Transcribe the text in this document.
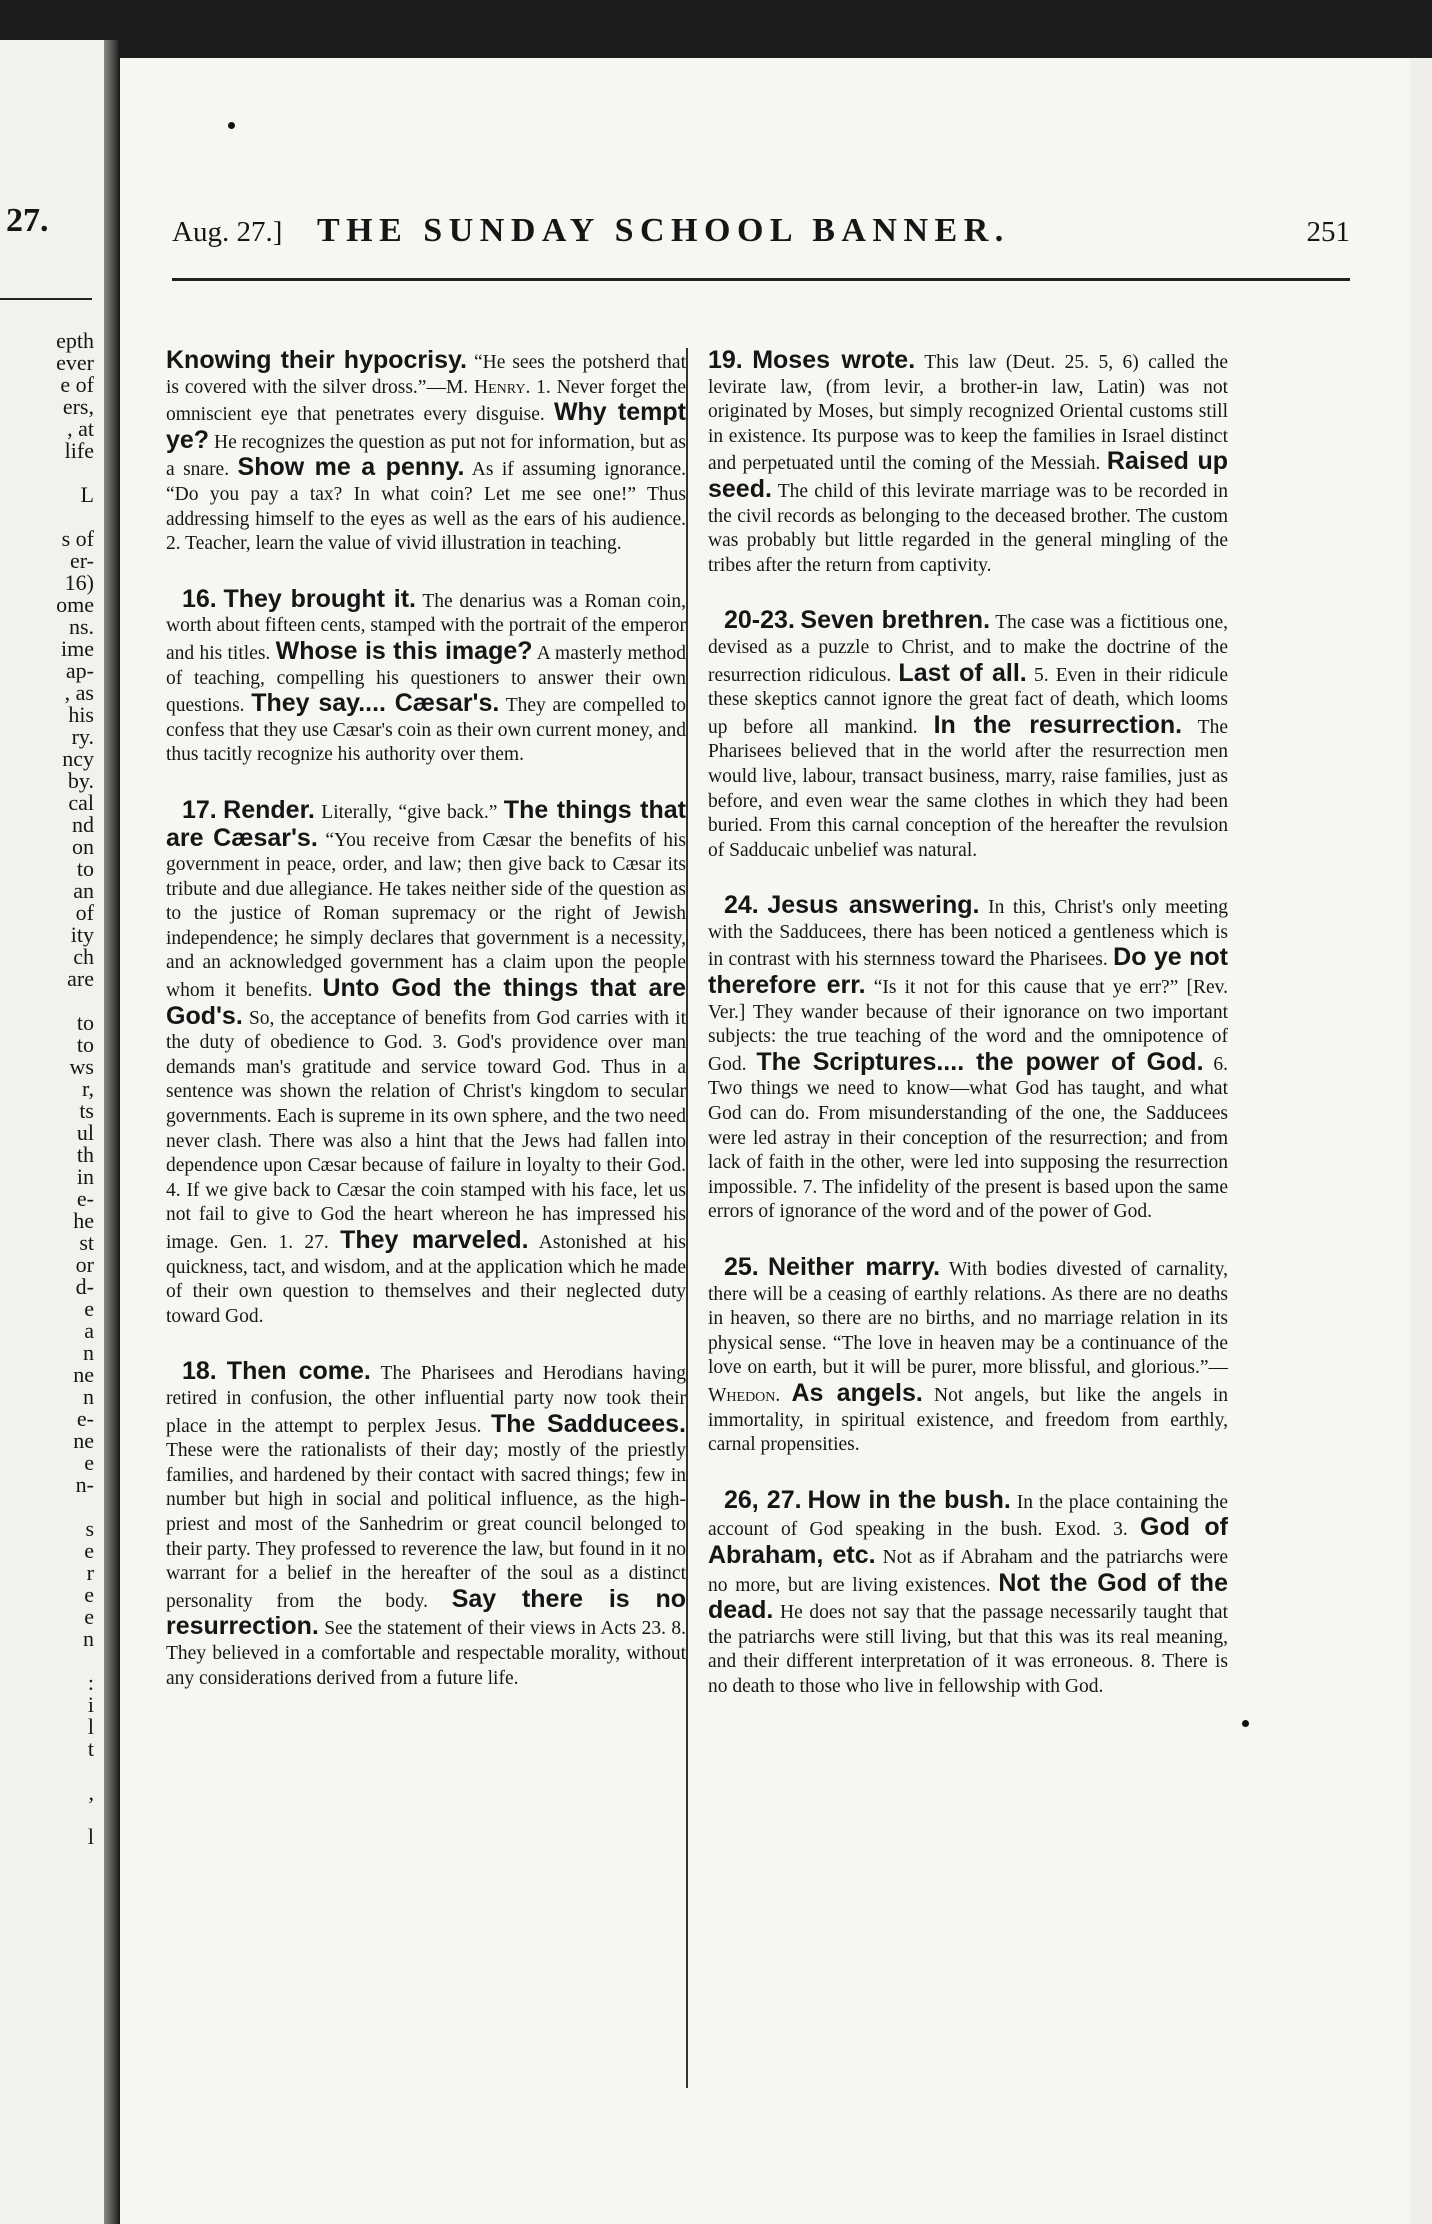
27.
epth
ever
e of
ers,
, at
life

L

s of
er-
16)
ome
ns.
ime
ap-
, as
his
ry.
ncy
by.
cal
nd
on
to
an
of
ity
ch
are

to
to
ws
r,
ts
ul
th
in
e-
he
st
or
d-
e
a
n
ne
n
e-
ne
e
n-

s
e
r
e
e
n

:
i
l
t

,

l
Aug. 27.] THE SUNDAY SCHOOL BANNER.	251

Knowing their hypocrisy. “He sees the potsherd that is covered with the silver dross.”—M. Henry. 1. Never forget the omniscient eye that penetrates every disguise. Why tempt ye? He recognizes the question as put not for information, but as a snare. Show me a penny. As if assuming ignorance. “Do you pay a tax? In what coin? Let me see one!” Thus addressing himself to the eyes as well as the ears of his audience. 2. Teacher, learn the value of vivid illustration in teaching.

16. They brought it. The denarius was a Roman coin, worth about fifteen cents, stamped with the portrait of the emperor and his titles. Whose is this image? A masterly method of teaching, compelling his questioners to answer their own questions. They say.... Cæsar's. They are compelled to confess that they use Cæsar's coin as their own current money, and thus tacitly recognize his authority over them.

17. Render. Literally, “give back.” The things that are Cæsar's. “You receive from Cæsar the benefits of his government in peace, order, and law; then give back to Cæsar its tribute and due allegiance. He takes neither side of the question as to the justice of Roman supremacy or the right of Jewish independence; he simply declares that government is a necessity, and an acknowledged government has a claim upon the people whom it benefits. Unto God the things that are God's. So, the acceptance of benefits from God carries with it the duty of obedience to God. 3. God's providence over man demands man's gratitude and service toward God. Thus in a sentence was shown the relation of Christ's kingdom to secular governments. Each is supreme in its own sphere, and the two need never clash. There was also a hint that the Jews had fallen into dependence upon Cæsar because of failure in loyalty to their God. 4. If we give back to Cæsar the coin stamped with his face, let us not fail to give to God the heart whereon he has impressed his image. Gen. 1. 27. They marveled. Astonished at his quickness, tact, and wisdom, and at the application which he made of their own question to themselves and their neglected duty toward God.

18. Then come. The Pharisees and Herodians having retired in confusion, the other influential party now took their place in the attempt to perplex Jesus. The Sadducees. These were the rationalists of their day; mostly of the priestly families, and hardened by their contact with sacred things; few in number but high in social and political influence, as the high-priest and most of the Sanhedrim or great council belonged to their party. They professed to reverence the law, but found in it no warrant for a belief in the hereafter of the soul as a distinct personality from the body. Say there is no resurrection. See the statement of their views in Acts 23. 8. They believed in a comfortable and respectable morality, without any considerations derived from a future life.

19. Moses wrote. This law (Deut. 25. 5, 6) called the levirate law, (from levir, a brother-in law, Latin) was not originated by Moses, but simply recognized Oriental customs still in existence. Its purpose was to keep the families in Israel distinct and perpetuated until the coming of the Messiah. Raised up seed. The child of this levirate marriage was to be recorded in the civil records as belonging to the deceased brother. The custom was probably but little regarded in the general mingling of the tribes after the return from captivity.

20-23. Seven brethren. The case was a fictitious one, devised as a puzzle to Christ, and to make the doctrine of the resurrection ridiculous. Last of all. 5. Even in their ridicule these skeptics cannot ignore the great fact of death, which looms up before all mankind. In the resurrection. The Pharisees believed that in the world after the resurrection men would live, labour, transact business, marry, raise families, just as before, and even wear the same clothes in which they had been buried. From this carnal conception of the hereafter the revulsion of Sadducaic unbelief was natural.

24. Jesus answering. In this, Christ's only meeting with the Sadducees, there has been noticed a gentleness which is in contrast with his sternness toward the Pharisees. Do ye not therefore err. “Is it not for this cause that ye err?” [Rev. Ver.] They wander because of their ignorance on two important subjects: the true teaching of the word and the omnipotence of God. The Scriptures.... the power of God. 6. Two things we need to know—what God has taught, and what God can do. From misunderstanding of the one, the Sadducees were led astray in their conception of the resurrection; and from lack of faith in the other, were led into supposing the resurrection impossible. 7. The infidelity of the present is based upon the same errors of ignorance of the word and of the power of God.

25. Neither marry. With bodies divested of carnality, there will be a ceasing of earthly relations. As there are no deaths in heaven, so there are no births, and no marriage relation in its physical sense. “The love in heaven may be a continuance of the love on earth, but it will be purer, more blissful, and glorious.”—Whedon. As angels. Not angels, but like the angels in immortality, in spiritual existence, and freedom from earthly, carnal propensities.

26, 27. How in the bush. In the place containing the account of God speaking in the bush. Exod. 3. God of Abraham, etc. Not as if Abraham and the patriarchs were no more, but are living existences. Not the God of the dead. He does not say that the passage necessarily taught that the patriarchs were still living, but that this was its real meaning, and their different interpretation of it was erroneous. 8. There is no death to those who live in fellowship with God.
